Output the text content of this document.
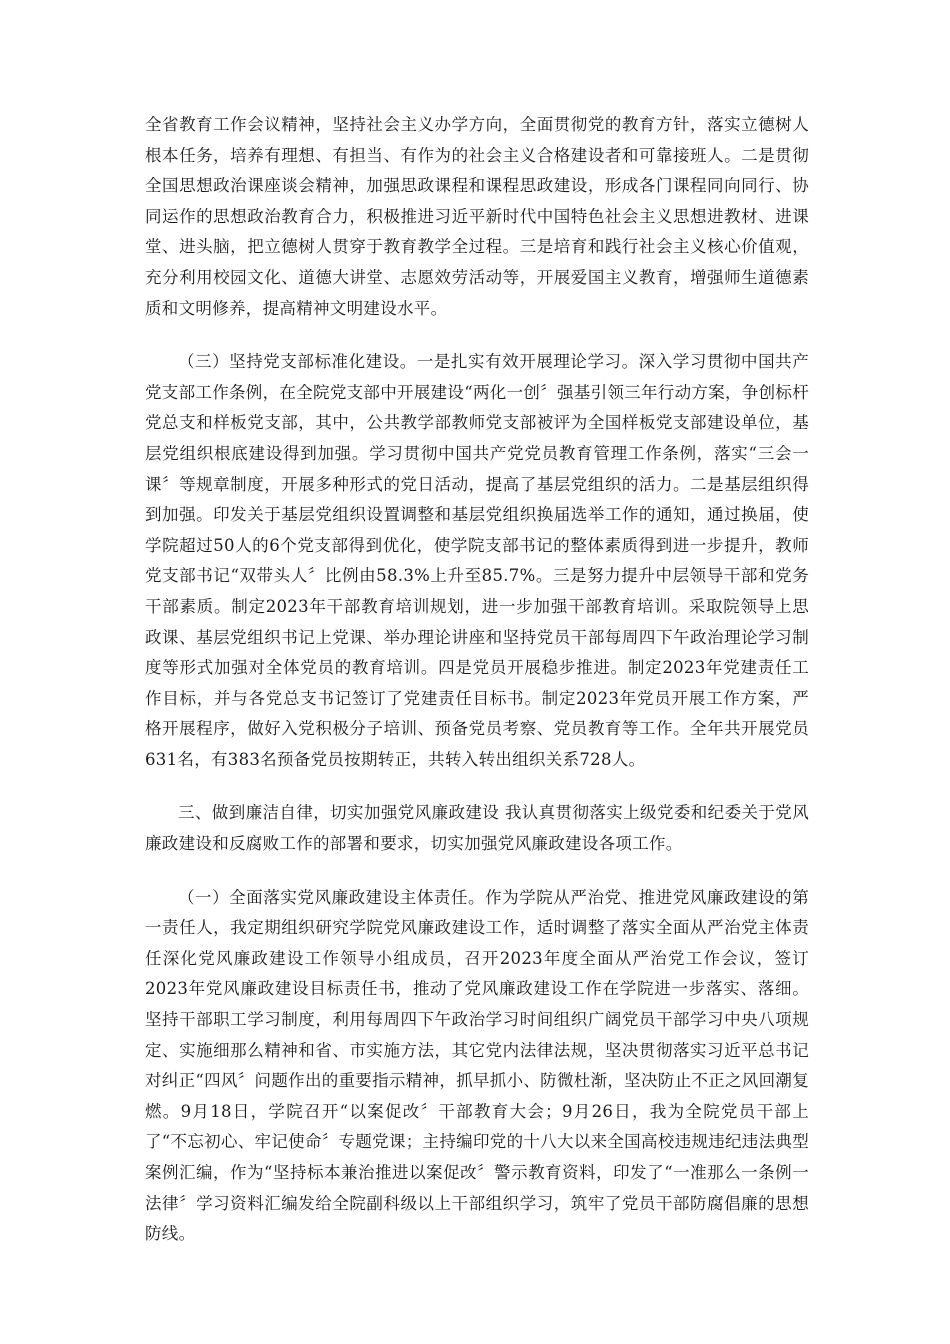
全省教育工作会议精神，坚持社会主义办学方向，全面贯彻党的教育方针，落实立德树人根本任务，培养有理想、有担当、有作为的社会主义合格建设者和可靠接班人。二是贯彻全国思想政治课座谈会精神，加强思政课程和课程思政建设，形成各门课程同向同行、协同运作的思想政治教育合力，积极推进习近平新时代中国特色社会主义思想进教材、进课堂、进头脑，把立德树人贯穿于教育教学全过程。三是培育和践行社会主义核心价值观，充分利用校园文化、道德大讲堂、志愿效劳活动等，开展爱国主义教育，增强师生道德素质和文明修养，提高精神文明建设水平。

（三）坚持党支部标准化建设。一是扎实有效开展理论学习。深入学习贯彻中国共产党支部工作条例，在全院党支部中开展建设“两化一创〞强基引领三年行动方案，争创标杆党总支和样板党支部，其中，公共教学部教师党支部被评为全国样板党支部建设单位，基层党组织根底建设得到加强。学习贯彻中国共产党党员教育管理工作条例，落实“三会一课〞等规章制度，开展多种形式的党日活动，提高了基层党组织的活力。二是基层组织得到加强。印发关于基层党组织设置调整和基层党组织换届选举工作的通知，通过换届，使学院超过50人的6个党支部得到优化，使学院支部书记的整体素质得到进一步提升，教师党支部书记“双带头人〞比例由58.3%上升至85.7%。三是努力提升中层领导干部和党务干部素质。制定2023年干部教育培训规划，进一步加强干部教育培训。采取院领导上思政课、基层党组织书记上党课、举办理论讲座和坚持党员干部每周四下午政治理论学习制度等形式加强对全体党员的教育培训。四是党员开展稳步推进。制定2023年党建责任工作目标，并与各党总支书记签订了党建责任目标书。制定2023年党员开展工作方案，严格开展程序，做好入党积极分子培训、预备党员考察、党员教育等工作。全年共开展党员631名，有383名预备党员按期转正，共转入转出组织关系728人。

三、做到廉洁自律，切实加强党风廉政建设 我认真贯彻落实上级党委和纪委关于党风廉政建设和反腐败工作的部署和要求，切实加强党风廉政建设各项工作。

（一）全面落实党风廉政建设主体责任。作为学院从严治党、推进党风廉政建设的第一责任人，我定期组织研究学院党风廉政建设工作，适时调整了落实全面从严治党主体责任深化党风廉政建设工作领导小组成员，召开2023年度全面从严治党工作会议，签订2023年党风廉政建设目标责任书，推动了党风廉政建设工作在学院进一步落实、落细。坚持干部职工学习制度，利用每周四下午政治学习时间组织广阔党员干部学习中央八项规定、实施细那么精神和省、市实施方法，其它党内法律法规，坚决贯彻落实习近平总书记对纠正“四风〞问题作出的重要指示精神，抓早抓小、防微杜渐，坚决防止不正之风回潮复燃。9月18日，学院召开“以案促改〞干部教育大会；9月26日，我为全院党员干部上了“不忘初心、牢记使命〞专题党课；主持编印党的十八大以来全国高校违规违纪违法典型案例汇编，作为“坚持标本兼治推进以案促改〞警示教育资料，印发了“一准那么一条例一法律〞学习资料汇编发给全院副科级以上干部组织学习，筑牢了党员干部防腐倡廉的思想防线。
